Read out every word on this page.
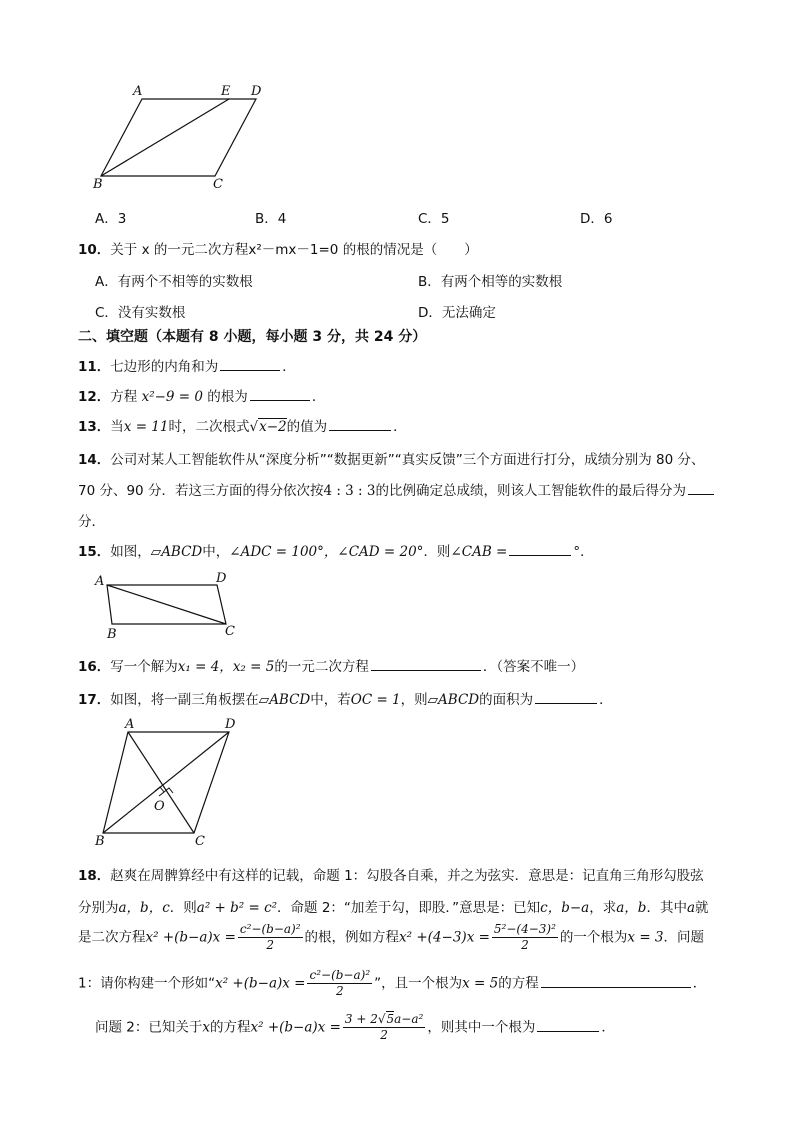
A	E D
B	C
A．3	B．4	C．5	D．6
10．关于 x 的一元二次方程x²－mx－1=0 的根的情况是（　　）
A．有两个不相等的实数根	B．有两个相等的实数根
C．没有实数根	D．无法确定
二、填空题（本题有 8 小题，每小题 3 分，共 24 分）
11．七边形的内角和为	．
12．方程 x²−9 = 0 的根为	．
13．当x = 11时，二次根式√x−2的值为	．
14．公司对某人工智能软件从“深度分析”“数据更新”“真实反馈”三个方面进行打分，成绩分别为 80 分、
70 分、90 分．若这三方面的得分依次按4 : 3 : 3的比例确定总成绩，则该人工智能软件的最后得分为
分．
15．如图，▱ABCD中，∠ADC = 100°，∠CAD = 20°．则∠CAB =	°．
A	D
B	C
16．写一个解为x₁ = 4，x₂ = 5的一元二次方程	．（答案不唯一）
17．如图，将一副三角板摆在▱ABCD中，若OC = 1，则▱ABCD的面积为	．
A	D
B	C
O
18．赵爽在周髀算经中有这样的记载，命题 1：勾股各自乘，并之为弦实．意思是：记直角三角形勾股弦
分别为a，b，c．则a² + b² = c²．命题 2：“加差于勾，即股．”意思是：已知c，b−a，求a，b．其中a就
是二次方程$x^2 +(b-a)x = \frac{\text{c²−(b−a)²}}{2}$ 的根，例如方程$x^2 +(4-3)x = \frac{\text{5²−(4−3)²}}{2}$ 的一个根为x = 3．问题
1：请你构建一个形如“$x^2 +(b-a)x = \frac{\text{c²−(b−a)²}}{2}$ ”，且一个根为x = 5的方程	．
问题 2：已知关于x的方程$x^2 +(b-a)x = \frac{\text{3 + 2√5a−a²}}{2}$ ，则其中一个根为	．
